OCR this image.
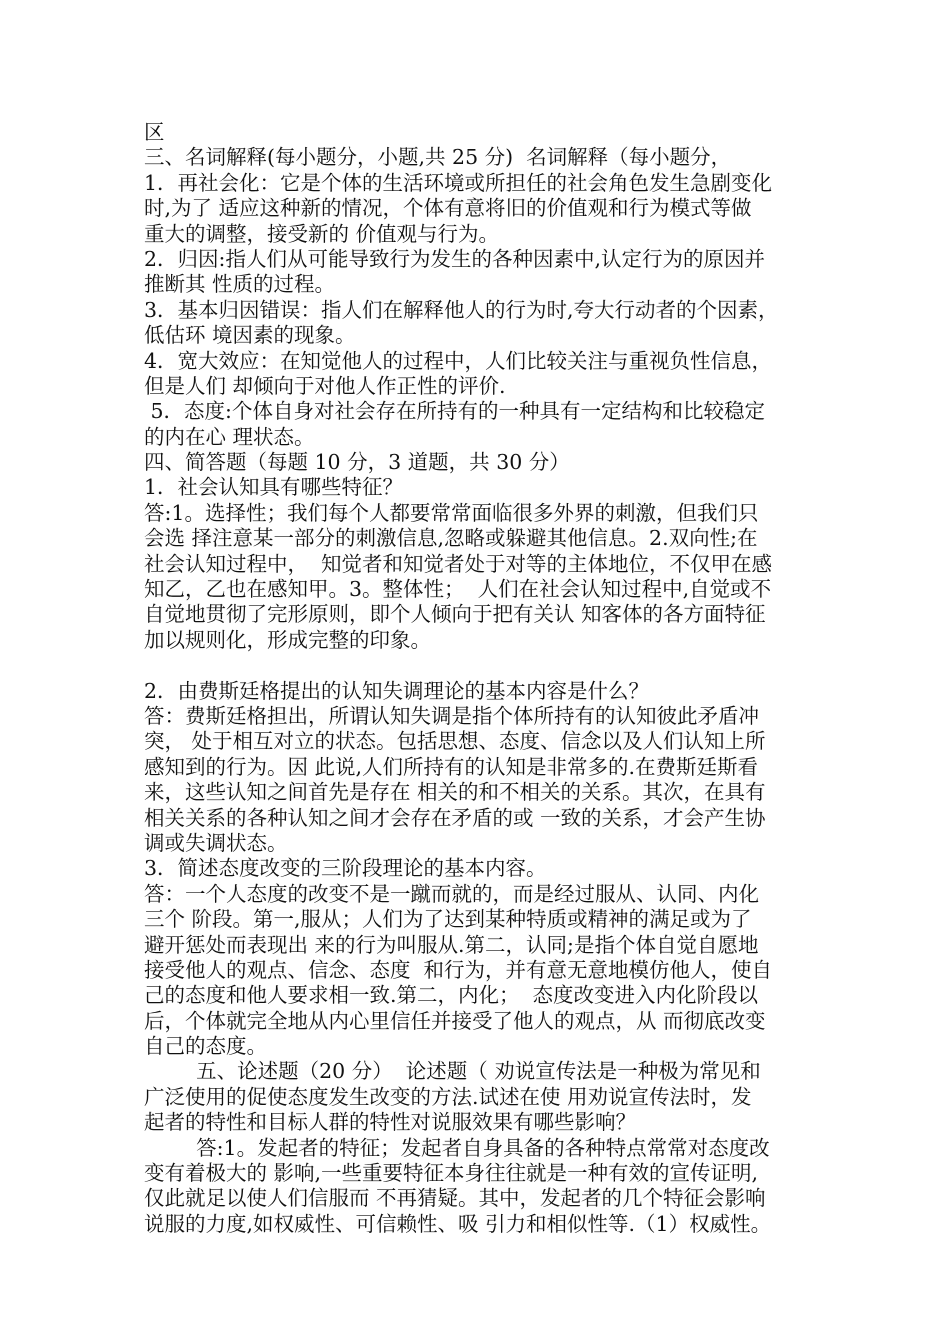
区
三、名词解释(每小题分，小题,共 25 分)  名词解释（每小题分，
1．再社会化：它是个体的生活环境或所担任的社会角色发生急剧变化
时,为了 适应这种新的情况，个体有意将旧的价值观和行为模式等做
重大的调整，接受新的 价值观与行为。
2．归因:指人们从可能导致行为发生的各种因素中,认定行为的原因并
推断其 性质的过程。
3．基本归因错误：指人们在解释他人的行为时,夸大行动者的个因素，
低估环 境因素的现象。
4．宽大效应：在知觉他人的过程中，人们比较关注与重视负性信息，
但是人们 却倾向于对他人作正性的评价.
5．态度:个体自身对社会存在所持有的一种具有一定结构和比较稳定
的内在心 理状态。
四、简答题（每题 10 分，3 道题，共 30 分）
1．社会认知具有哪些特征？
答:1。选择性；我们每个人都要常常面临很多外界的刺激，但我们只
会选 择注意某一部分的刺激信息,忽略或躲避其他信息。2.双向性;在
社会认知过程中，  知觉者和知觉者处于对等的主体地位，不仅甲在感
知乙，乙也在感知甲。3。整体性；  人们在社会认知过程中,自觉或不
自觉地贯彻了完形原则，即个人倾向于把有关认 知客体的各方面特征
加以规则化，形成完整的印象。
2．由费斯廷格提出的认知失调理论的基本内容是什么？
答：费斯廷格担出，所谓认知失调是指个体所持有的认知彼此矛盾冲
突， 处于相互对立的状态。包括思想、态度、信念以及人们认知上所
感知到的行为。因 此说,人们所持有的认知是非常多的.在费斯廷斯看
来，这些认知之间首先是存在 相关的和不相关的关系。其次，在具有
相关关系的各种认知之间才会存在矛盾的或 一致的关系，才会产生协
调或失调状态。
3．简述态度改变的三阶段理论的基本内容。
答：一个人态度的改变不是一蹴而就的，而是经过服从、认同、内化
三个 阶段。第一,服从；人们为了达到某种特质或精神的满足或为了
避开惩处而表现出 来的行为叫服从.第二，认同;是指个体自觉自愿地
接受他人的观点、信念、态度  和行为，并有意无意地模仿他人，使自
己的态度和他人要求相一致.第二，内化；  态度改变进入内化阶段以
后，个体就完全地从内心里信任并接受了他人的观点，从 而彻底改变
自己的态度。
五、论述题（20 分）  论述题（ 劝说宣传法是一种极为常见和
广泛使用的促使态度发生改变的方法.试述在使 用劝说宣传法时，发
起者的特性和目标人群的特性对说服效果有哪些影响？
答:1。发起者的特征；发起者自身具备的各种特点常常对态度改
变有着极大的 影响,一些重要特征本身往往就是一种有效的宣传证明,
仅此就足以使人们信服而 不再猜疑。其中，发起者的几个特征会影响
说服的力度,如权威性、可信赖性、吸 引力和相似性等.（1）权威性。
